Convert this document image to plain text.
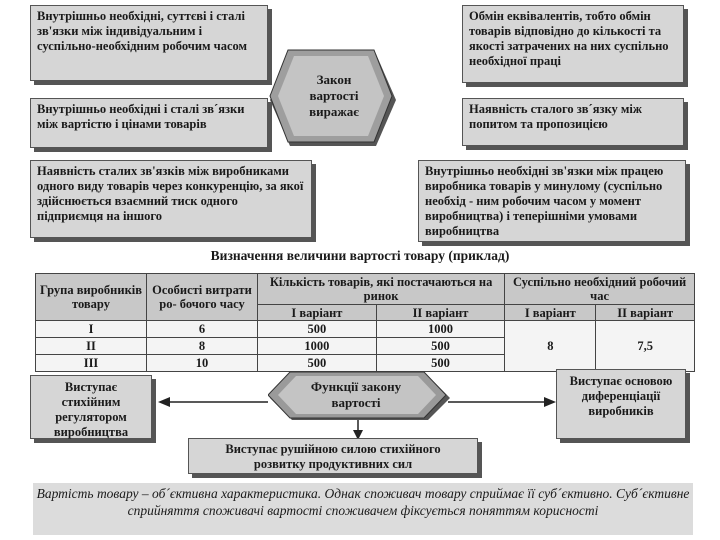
Внутрішньо необхідні, суттєві і сталі зв'язки між індивідуальним і суспільно-необхідним робочим часом
Внутрішньо необхідні і сталі зв´язки між вартістю і цінами товарів
Наявність сталих зв'язків між виробниками одного виду товарів через конкуренцію, за якої здійснюється взаємний тиск одного підприємця на іншого
Обмін еквівалентів, тобто обмін товарів відповідно до кількості та якості затрачених на них суспільно необхідної праці
Наявність сталого зв´язку між попитом та пропозицією
Внутрішньо необхідні зв'язки між працею виробника товарів у минулому (суспільно необхід - ним робочим часом у момент виробництва) і теперішніми умовами виробництва
Закон вартості виражає
Визначення величини вартості товару (приклад)
Група виробників товару	Особисті витрати ро- бочого часу	Кількість товарів, які постачаються на ринок		Суспільно необхідний робочий час	
		I варіант	II варіант	I варіант	II варіант
I	6	500	1000	8	7,5
II	8	1000	500		
III	10	500	500		
Виступає стихійним регулятором виробництва
Виступає основою диференціації виробників
Виступає рушійною силою стихійного розвитку продуктивних сил
Функції закону вартості
Вартість товару – об´єктивна характеристика. Однак споживач товару сприймає її суб´єктивно. Суб´єктивне сприйняття споживачі вартості споживачем фіксується поняттям корисності
